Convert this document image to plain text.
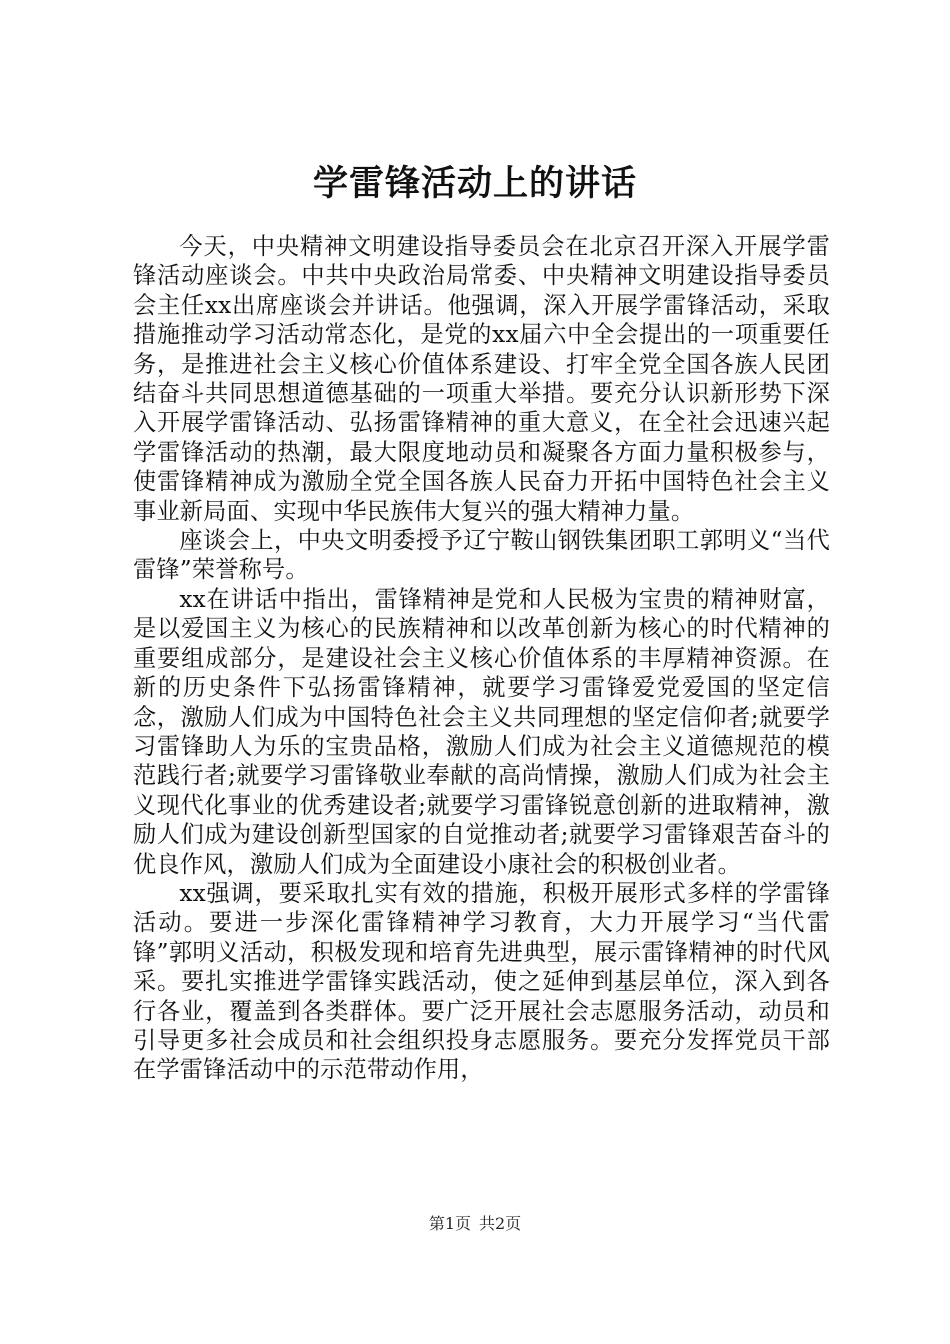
学雷锋活动上的讲话

今天，中央精神文明建设指导委员会在北京召开深入开展学雷锋活动座谈会。中共中央政治局常委、中央精神文明建设指导委员会主任xx出席座谈会并讲话。他强调，深入开展学雷锋活动，采取措施推动学习活动常态化，是党的xx届六中全会提出的一项重要任务，是推进社会主义核心价值体系建设、打牢全党全国各族人民团结奋斗共同思想道德基础的一项重大举措。要充分认识新形势下深入开展学雷锋活动、弘扬雷锋精神的重大意义，在全社会迅速兴起学雷锋活动的热潮，最大限度地动员和凝聚各方面力量积极参与，使雷锋精神成为激励全党全国各族人民奋力开拓中国特色社会主义事业新局面、实现中华民族伟大复兴的强大精神力量。

座谈会上，中央文明委授予辽宁鞍山钢铁集团职工郭明义“当代雷锋”荣誉称号。

xx在讲话中指出，雷锋精神是党和人民极为宝贵的精神财富，是以爱国主义为核心的民族精神和以改革创新为核心的时代精神的重要组成部分，是建设社会主义核心价值体系的丰厚精神资源。在新的历史条件下弘扬雷锋精神，就要学习雷锋爱党爱国的坚定信念，激励人们成为中国特色社会主义共同理想的坚定信仰者;就要学习雷锋助人为乐的宝贵品格，激励人们成为社会主义道德规范的模范践行者;就要学习雷锋敬业奉献的高尚情操，激励人们成为社会主义现代化事业的优秀建设者;就要学习雷锋锐意创新的进取精神，激励人们成为建设创新型国家的自觉推动者;就要学习雷锋艰苦奋斗的优良作风，激励人们成为全面建设小康社会的积极创业者。

xx强调，要采取扎实有效的措施，积极开展形式多样的学雷锋活动。要进一步深化雷锋精神学习教育，大力开展学习“当代雷锋”郭明义活动，积极发现和培育先进典型，展示雷锋精神的时代风采。要扎实推进学雷锋实践活动，使之延伸到基层单位，深入到各行各业，覆盖到各类群体。要广泛开展社会志愿服务活动，动员和引导更多社会成员和社会组织投身志愿服务。要充分发挥党员干部在学雷锋活动中的示范带动作用，

第1页 共2页
